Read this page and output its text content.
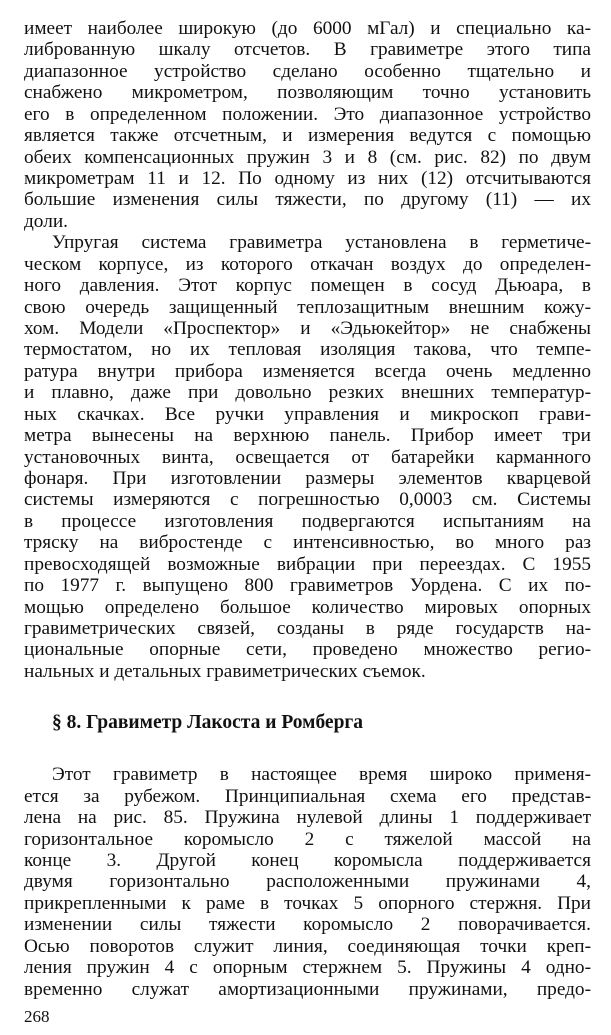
имеет наиболее широкую (до 6000 мГал) и специально ка-
либрованную шкалу отсчетов. В гравиметре этого типа
диапазонное устройство сделано особенно тщательно и
снабжено микрометром, позволяющим точно установить
его в определенном положении. Это диапазонное устройство
является также отсчетным, и измерения ведутся с помощью
обеих компенсационных пружин 3 и 8 (см. рис. 82) по двум
микрометрам 11 и 12. По одному из них (12) отсчитываются
большие изменения силы тяжести, по другому (11) — их
доли.
Упругая система гравиметра установлена в герметиче-
ческом корпусе, из которого откачан воздух до определен-
ного давления. Этот корпус помещен в сосуд Дьюара, в
свою очередь защищенный теплозащитным внешним кожу-
хом. Модели «Проспектор» и «Эдьюкейтор» не снабжены
термостатом, но их тепловая изоляция такова, что темпе-
ратура внутри прибора изменяется всегда очень медленно
и плавно, даже при довольно резких внешних температур-
ных скачках. Все ручки управления и микроскоп грави-
метра вынесены на верхнюю панель. Прибор имеет три
установочных винта, освещается от батарейки карманного
фонаря. При изготовлении размеры элементов кварцевой
системы измеряются с погрешностью 0,0003 см. Системы
в процессе изготовления подвергаются испытаниям на
тряску на вибростенде с интенсивностью, во много раз
превосходящей возможные вибрации при переездах. С 1955
по 1977 г. выпущено 800 гравиметров Уордена. С их по-
мощью определено большое количество мировых опорных
гравиметрических связей, созданы в ряде государств на-
циональные опорные сети, проведено множество регио-
нальных и детальных гравиметрических съемок.
§ 8. Гравиметр Лакоста и Ромберга
Этот гравиметр в настоящее время широко применя-
ется за рубежом. Принципиальная схема его представ-
лена на рис. 85. Пружина нулевой длины 1 поддерживает
горизонтальное коромысло 2 с тяжелой массой на
конце 3. Другой конец коромысла поддерживается
двумя горизонтально расположенными пружинами 4,
прикрепленными к раме в точках 5 опорного стержня. При
изменении силы тяжести коромысло 2 поворачивается.
Осью поворотов служит линия, соединяющая точки креп-
ления пружин 4 с опорным стержнем 5. Пружины 4 одно-
временно служат амортизационными пружинами, предо-
268
